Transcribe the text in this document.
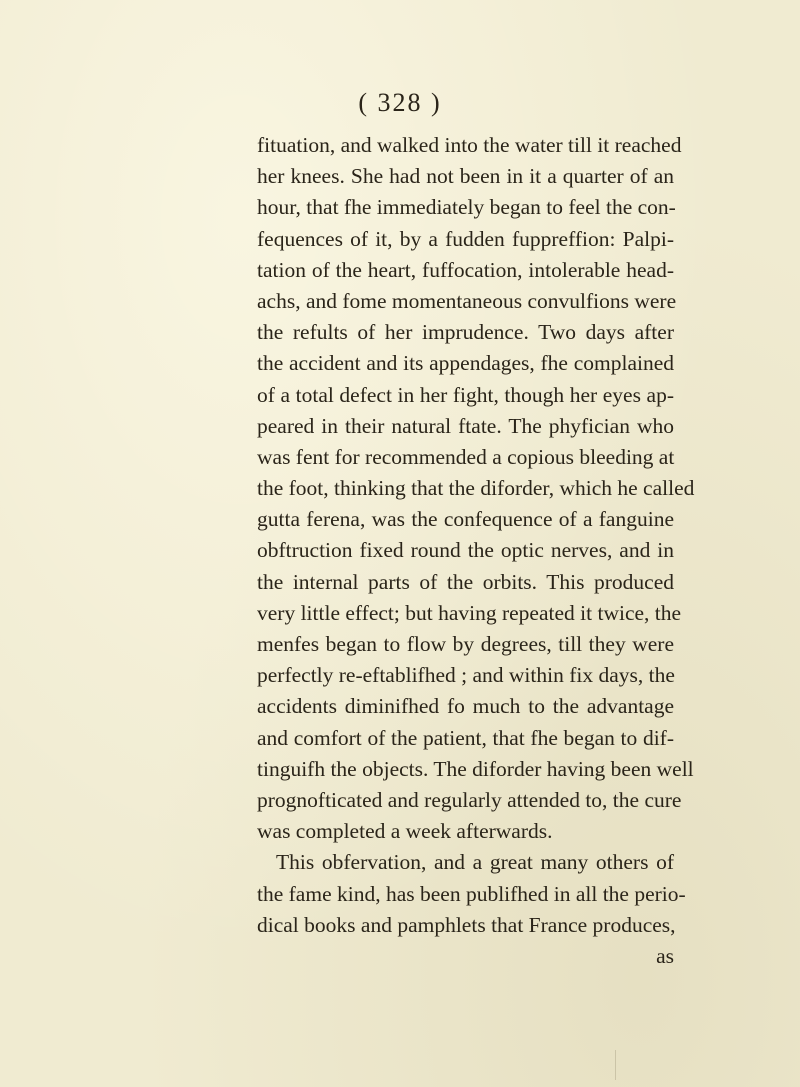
( 328 )
fituation, and walked into the water till it reached
her knees. She had not been in it a quarter of an
hour, that fhe immediately began to feel the con-
fequences of it, by a fudden fuppreffion: Palpi-
tation of the heart, fuffocation, intolerable head-
achs, and fome momentaneous convulfions were
the refults of her imprudence. Two days after
the accident and its appendages, fhe complained
of a total defect in her fight, though her eyes ap-
peared in their natural ftate. The phyfician who
was fent for recommended a copious bleeding at
the foot, thinking that the diforder, which he called
gutta ferena, was the confequence of a fanguine
obftruction fixed round the optic nerves, and in
the internal parts of the orbits. This produced
very little effect; but having repeated it twice, the
menfes began to flow by degrees, till they were
perfectly re-eftablifhed ; and within fix days, the
accidents diminifhed fo much to the advantage
and comfort of the patient, that fhe began to dif-
tinguifh the objects. The diforder having been well
prognofticated and regularly attended to, the cure
was completed a week afterwards.
This obfervation, and a great many others of
the fame kind, has been publifhed in all the perio-
dical books and pamphlets that France produces,
as
